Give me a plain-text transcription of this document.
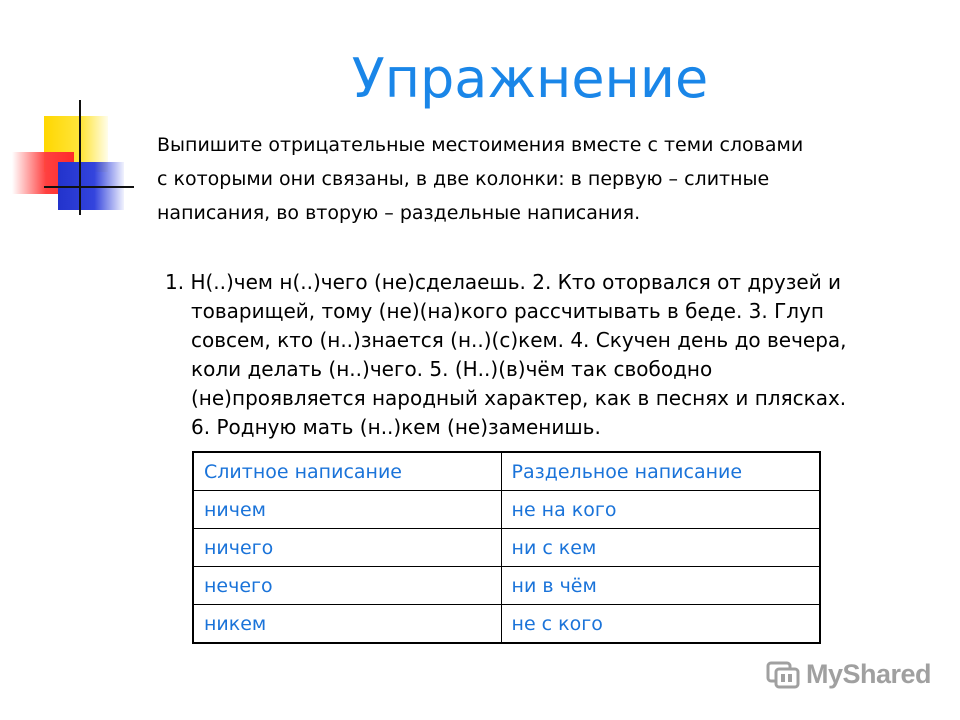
Упражнение
Выпишите отрицательные местоимения вместе с теми словами
с которыми они связаны, в две колонки: в первую – слитные
написания, во вторую – раздельные написания.
1. Н(..)чем н(..)чего (не)сделаешь. 2. Кто оторвался от друзей и
товарищей, тому (не)(на)кого рассчитывать в беде. 3. Глуп
совсем, кто (н..)знается (н..)(с)кем. 4. Скучен день до вечера,
коли делать (н..)чего. 5. (Н..)(в)чём так свободно
(не)проявляется народный характер, как в песнях и плясках.
6. Родную мать (н..)кем (не)заменишь.
Слитное написание	Раздельное написание
ничем	не на кого
ничего	ни с кем
нечего	ни в чём
никем	не с кого
MyShared
